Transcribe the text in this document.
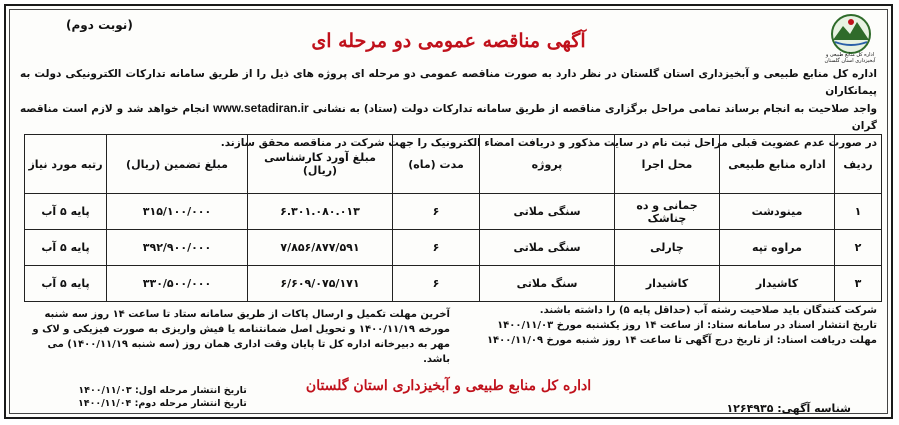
اداره کل منابع طبیعی و آبخیزداری استان گلستان
(نوبت دوم)
آگهی مناقصه عمومی دو مرحله ای

اداره کل منابع طبیعی و آبخیزداری استان گلستان در نظر دارد به صورت مناقصه عمومی دو مرحله ای پروژه های ذیل را از طریق سامانه تدارکات الکترونیکی دولت به پیمانکاران

واجد صلاحیت به انجام برساند تمامی مراحل برگزاری مناقصه از طریق سامانه تدارکات دولت (ستاد) به نشانی www.setadiran.ir انجام خواهد شد و لازم است مناقصه گران

در صورت عدم عضویت قبلی مراحل ثبت نام در سایت مذکور و دریافت امضاء الکترونیک را جهت شرکت در مناقصه محقق سازند.

ردیف	اداره منابع طبیعی	محل اجرا	پروژه	مدت (ماه)	مبلغ آورد کارشناسی (ریال)	مبلغ تضمین (ریال)	رتبه مورد نیاز
۱	مینودشت	جمانی و ده چناشک	سنگی ملاتی	۶	۶.۳۰۱.۰۸۰.۰۱۳	۳۱۵/۱۰۰/۰۰۰	پایه ۵ آب
۲	مراوه تپه	چارلی	سنگی ملاتی	۶	۷/۸۵۶/۸۷۷/۵۹۱	۳۹۲/۹۰۰/۰۰۰	پایه ۵ آب
۳	کاشیدار	کاشیدار	سنگ ملاتی	۶	۶/۶۰۹/۰۷۵/۱۷۱	۳۳۰/۵۰۰/۰۰۰	پایه ۵ آب

شرکت کنندگان باید صلاحیت رشته آب (حداقل پایه ۵) را داشته باشند.

تاریخ انتشار اسناد در سامانه ستاد: از ساعت ۱۴ روز یکشنبه مورخ ۱۴۰۰/۱۱/۰۳

مهلت دریافت اسناد: از تاریخ درج آگهی تا ساعت ۱۴ روز شنبه مورخ ۱۴۰۰/۱۱/۰۹

آخرین مهلت تکمیل و ارسال پاکات از طریق سامانه ستاد تا ساعت ۱۴ روز سه شنبه

مورخه ۱۴۰۰/۱۱/۱۹ و تحویل اصل ضمانتنامه یا فیش واریزی به صورت فیزیکی و لاک و

مهر به دبیرخانه اداره کل تا پایان وقت اداری همان روز (سه شنبه ۱۴۰۰/۱۱/۱۹) می باشد.

اداره کل منابع طبیعی و آبخیزداری استان گلستان

تاریخ انتشار مرحله اول: ۱۴۰۰/۱۱/۰۳

تاریخ انتشار مرحله دوم: ۱۴۰۰/۱۱/۰۴	شناسه آگهی: ۱۲۶۴۹۳۵
